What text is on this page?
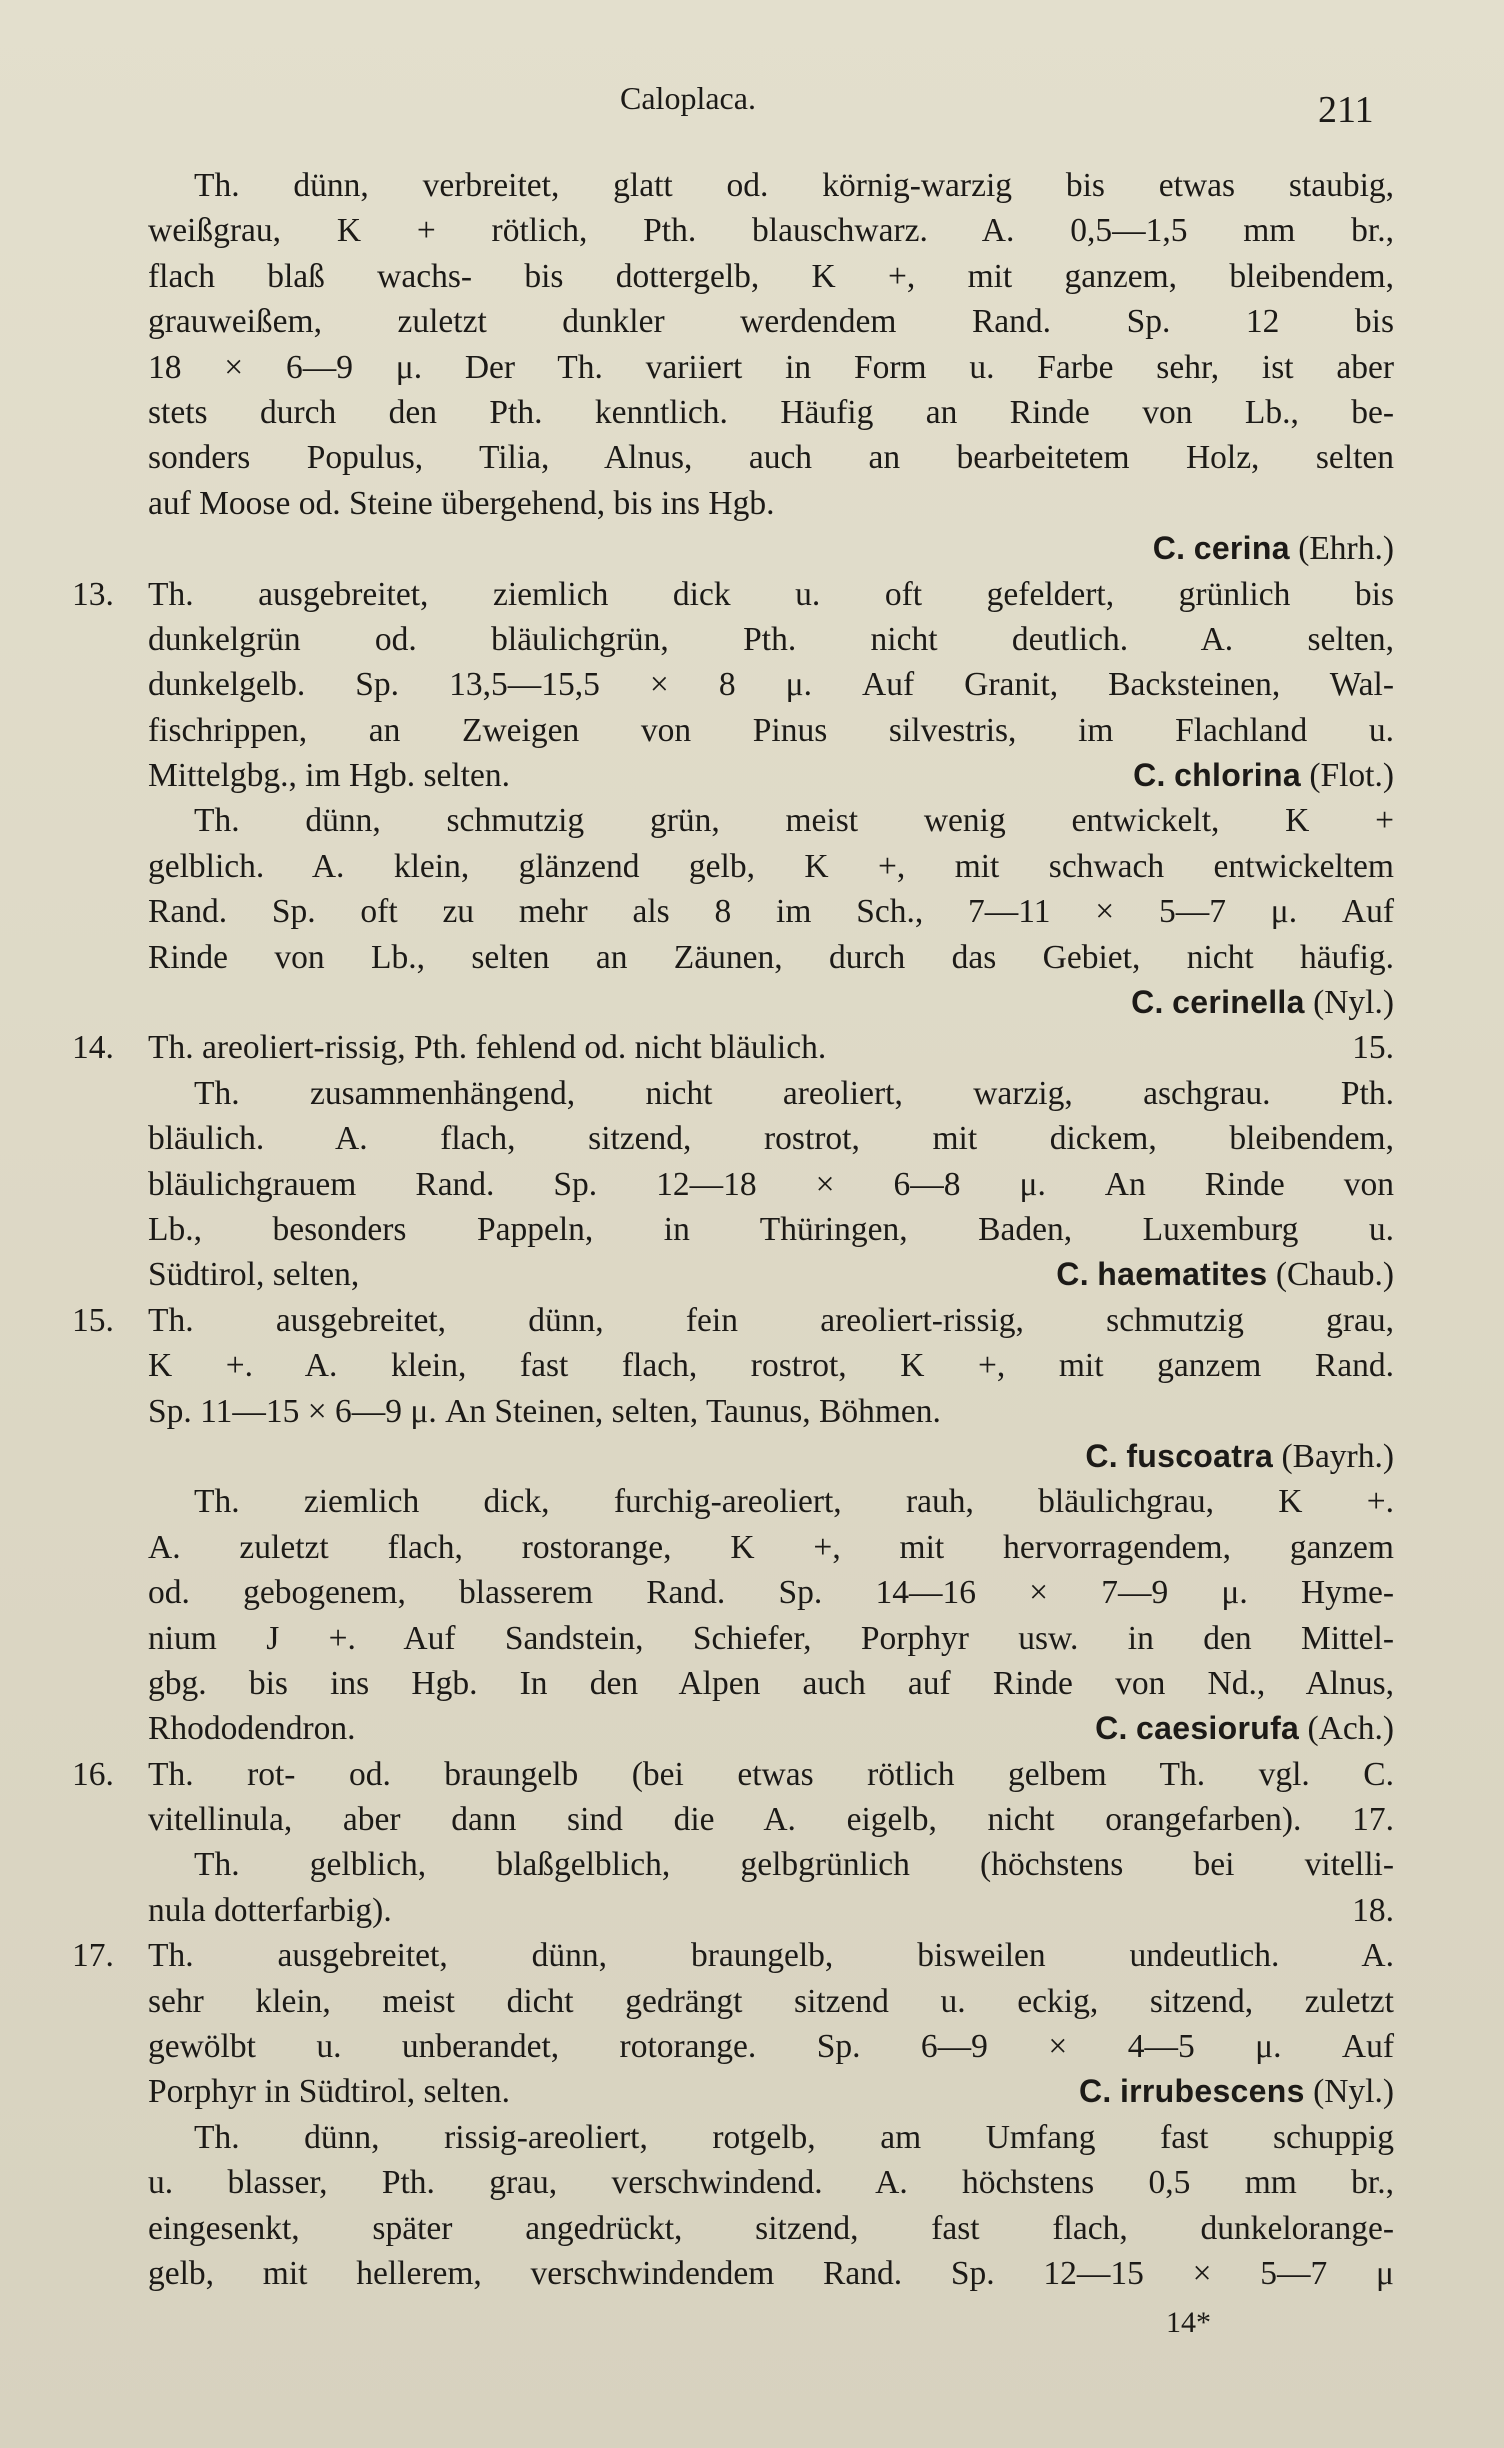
Caloplaca.	211
Th. dünn, verbreitet, glatt od. körnig-warzig bis etwas staubig,
weißgrau, K + rötlich, Pth. blauschwarz. A. 0,5—1,5 mm br.,
flach blaß wachs- bis dottergelb, K +, mit ganzem, bleibendem,
grauweißem, zuletzt dunkler werdendem Rand. Sp. 12 bis
18 × 6—9 μ. Der Th. variiert in Form u. Farbe sehr, ist aber
stets durch den Pth. kenntlich. Häufig an Rinde von Lb., be-
sonders Populus, Tilia, Alnus, auch an bearbeitetem Holz, selten
auf Moose od. Steine übergehend, bis ins Hgb.
C. cerina (Ehrh.)
13.	Th. ausgebreitet, ziemlich dick u. oft gefeldert, grünlich bis
dunkelgrün od. bläulichgrün, Pth. nicht deutlich. A. selten,
dunkelgelb. Sp. 13,5—15,5 × 8 μ. Auf Granit, Backsteinen, Wal-
fischrippen, an Zweigen von Pinus silvestris, im Flachland u.
Mittelgbg., im Hgb. selten.	C. chlorina (Flot.)
Th. dünn, schmutzig grün, meist wenig entwickelt, K +
gelblich. A. klein, glänzend gelb, K +, mit schwach entwickeltem
Rand. Sp. oft zu mehr als 8 im Sch., 7—11 × 5—7 μ. Auf
Rinde von Lb., selten an Zäunen, durch das Gebiet, nicht häufig.
C. cerinella (Nyl.)
14.	Th. areoliert-rissig, Pth. fehlend od. nicht bläulich.	15.
Th. zusammenhängend, nicht areoliert, warzig, aschgrau. Pth.
bläulich. A. flach, sitzend, rostrot, mit dickem, bleibendem,
bläulichgrauem Rand. Sp. 12—18 × 6—8 μ. An Rinde von
Lb., besonders Pappeln, in Thüringen, Baden, Luxemburg u.
Südtirol, selten,	C. haematites (Chaub.)
15.	Th. ausgebreitet, dünn, fein areoliert-rissig, schmutzig grau,
K +. A. klein, fast flach, rostrot, K +, mit ganzem Rand.
Sp. 11—15 × 6—9 μ. An Steinen, selten, Taunus, Böhmen.
C. fuscoatra (Bayrh.)
Th. ziemlich dick, furchig-areoliert, rauh, bläulichgrau, K +.
A. zuletzt flach, rostorange, K +, mit hervorragendem, ganzem
od. gebogenem, blasserem Rand. Sp. 14—16 × 7—9 μ. Hyme-
nium J +. Auf Sandstein, Schiefer, Porphyr usw. in den Mittel-
gbg. bis ins Hgb. In den Alpen auch auf Rinde von Nd., Alnus,
Rhododendron.	C. caesiorufa (Ach.)
16.	Th. rot- od. braungelb (bei etwas rötlich gelbem Th. vgl. C.
vitellinula, aber dann sind die A. eigelb, nicht orangefarben). 17.
Th. gelblich, blaßgelblich, gelbgrünlich (höchstens bei vitelli-
nula dotterfarbig).	18.
17.	Th. ausgebreitet, dünn, braungelb, bisweilen undeutlich. A.
sehr klein, meist dicht gedrängt sitzend u. eckig, sitzend, zuletzt
gewölbt u. unberandet, rotorange. Sp. 6—9 × 4—5 μ. Auf
Porphyr in Südtirol, selten.	C. irrubescens (Nyl.)
Th. dünn, rissig-areoliert, rotgelb, am Umfang fast schuppig
u. blasser, Pth. grau, verschwindend. A. höchstens 0,5 mm br.,
eingesenkt, später angedrückt, sitzend, fast flach, dunkelorange-
gelb, mit hellerem, verschwindendem Rand. Sp. 12—15 × 5—7 μ
14*
